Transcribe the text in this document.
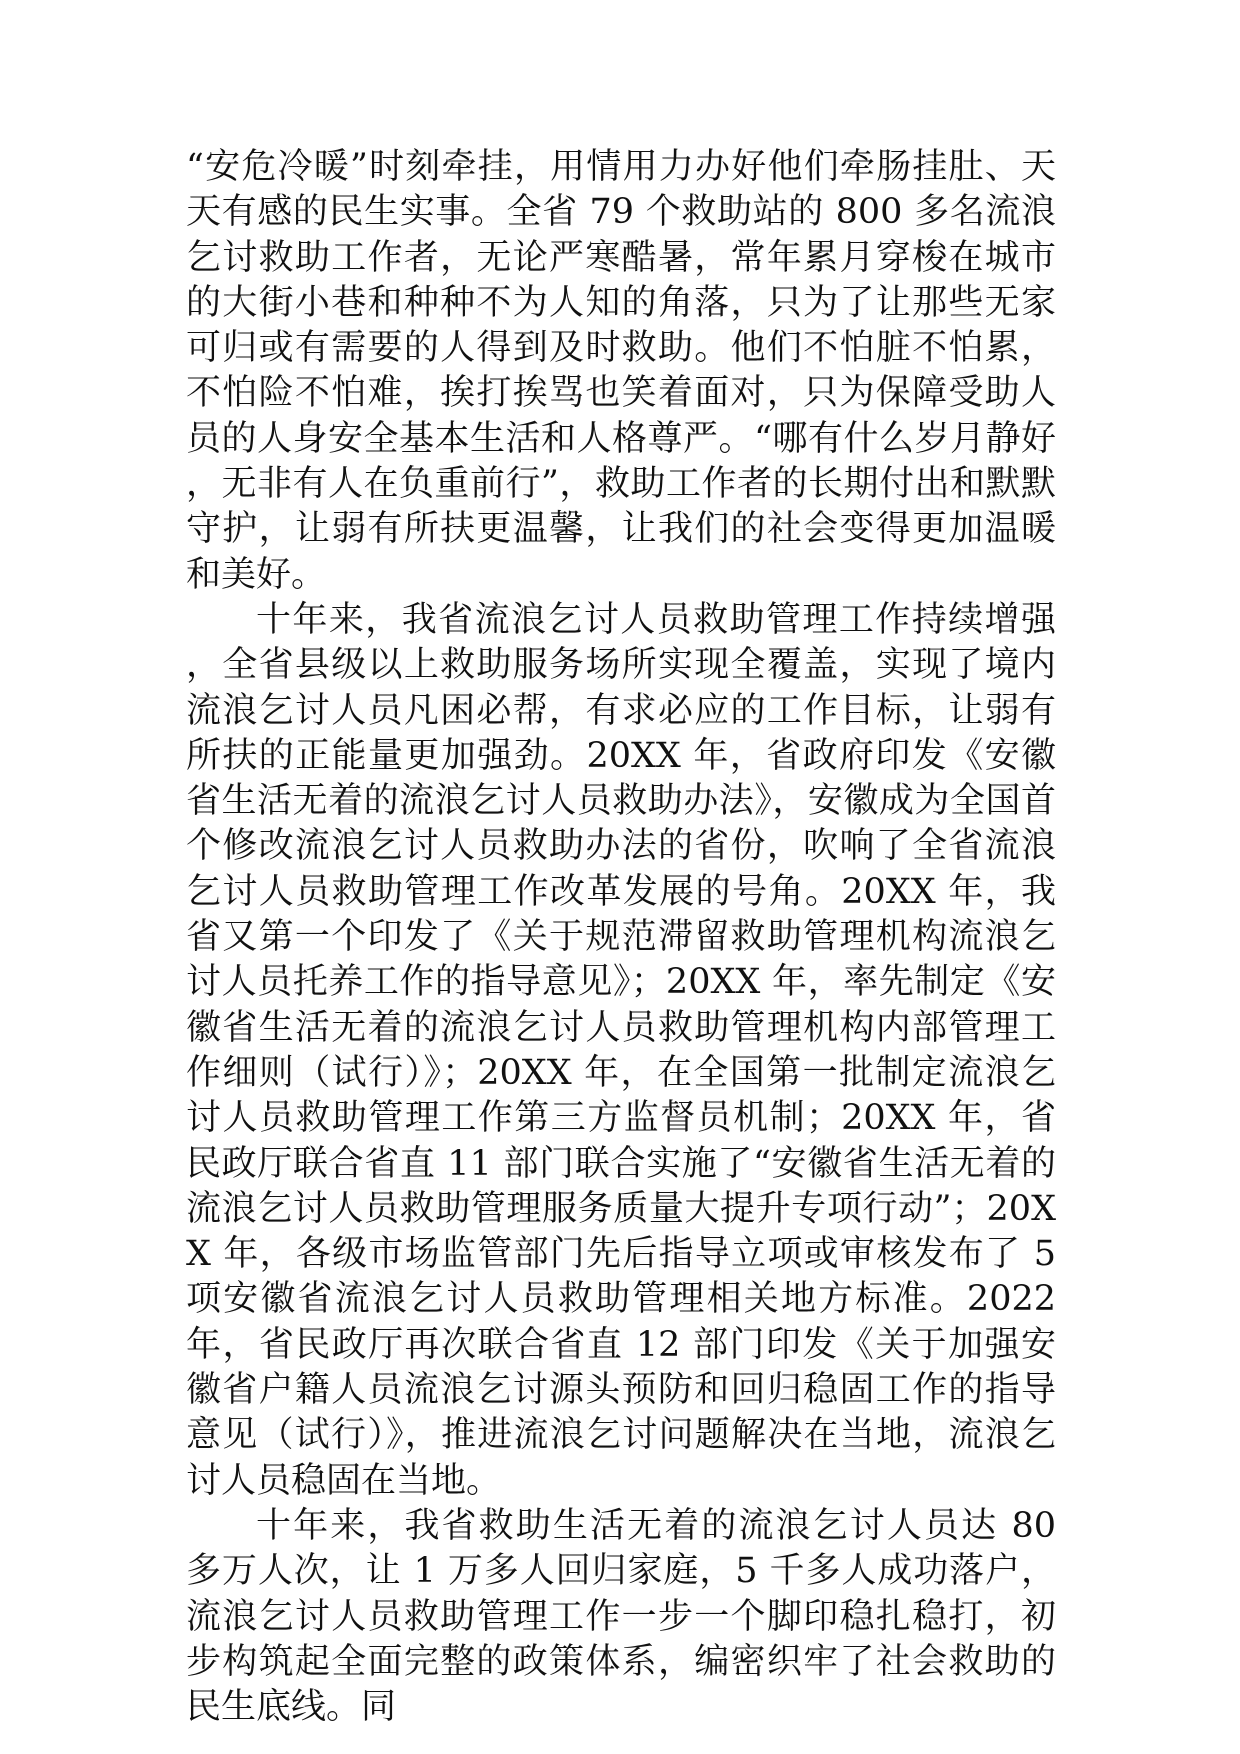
“安危冷暖”时刻牵挂，用情用力办好他们牵肠挂肚、天天有感的民生实事。全省 79 个救助站的 800 多名流浪乞讨救助工作者，无论严寒酷暑，常年累月穿梭在城市的大街小巷和种种不为人知的角落，只为了让那些无家可归或有需要的人得到及时救助。他们不怕脏不怕累，不怕险不怕难，挨打挨骂也笑着面对，只为保障受助人员的人身安全基本生活和人格尊严。“哪有什么岁月静好，无非有人在负重前行”，救助工作者的长期付出和默默守护，让弱有所扶更温馨，让我们的社会变得更加温暖和美好。

十年来，我省流浪乞讨人员救助管理工作持续增强，全省县级以上救助服务场所实现全覆盖，实现了境内流浪乞讨人员凡困必帮，有求必应的工作目标，让弱有所扶的正能量更加强劲。20XX 年，省政府印发《安徽省生活无着的流浪乞讨人员救助办法》，安徽成为全国首个修改流浪乞讨人员救助办法的省份，吹响了全省流浪乞讨人员救助管理工作改革发展的号角。20XX 年，我省又第一个印发了《关于规范滞留救助管理机构流浪乞讨人员托养工作的指导意见》；20XX 年，率先制定《安徽省生活无着的流浪乞讨人员救助管理机构内部管理工作细则（试行）》；20XX 年，在全国第一批制定流浪乞讨人员救助管理工作第三方监督员机制；20XX 年，省民政厅联合省直 11 部门联合实施了“安徽省生活无着的流浪乞讨人员救助管理服务质量大提升专项行动”；20XX 年，各级市场监管部门先后指导立项或审核发布了 5 项安徽省流浪乞讨人员救助管理相关地方标准。2022 年，省民政厅再次联合省直 12 部门印发《关于加强安徽省户籍人员流浪乞讨源头预防和回归稳固工作的指导意见（试行）》，推进流浪乞讨问题解决在当地，流浪乞讨人员稳固在当地。

十年来，我省救助生活无着的流浪乞讨人员达 80 多万人次，让 1 万多人回归家庭，5 千多人成功落户，流浪乞讨人员救助管理工作一步一个脚印稳扎稳打，初步构筑起全面完整的政策体系，编密织牢了社会救助的民生底线。同
